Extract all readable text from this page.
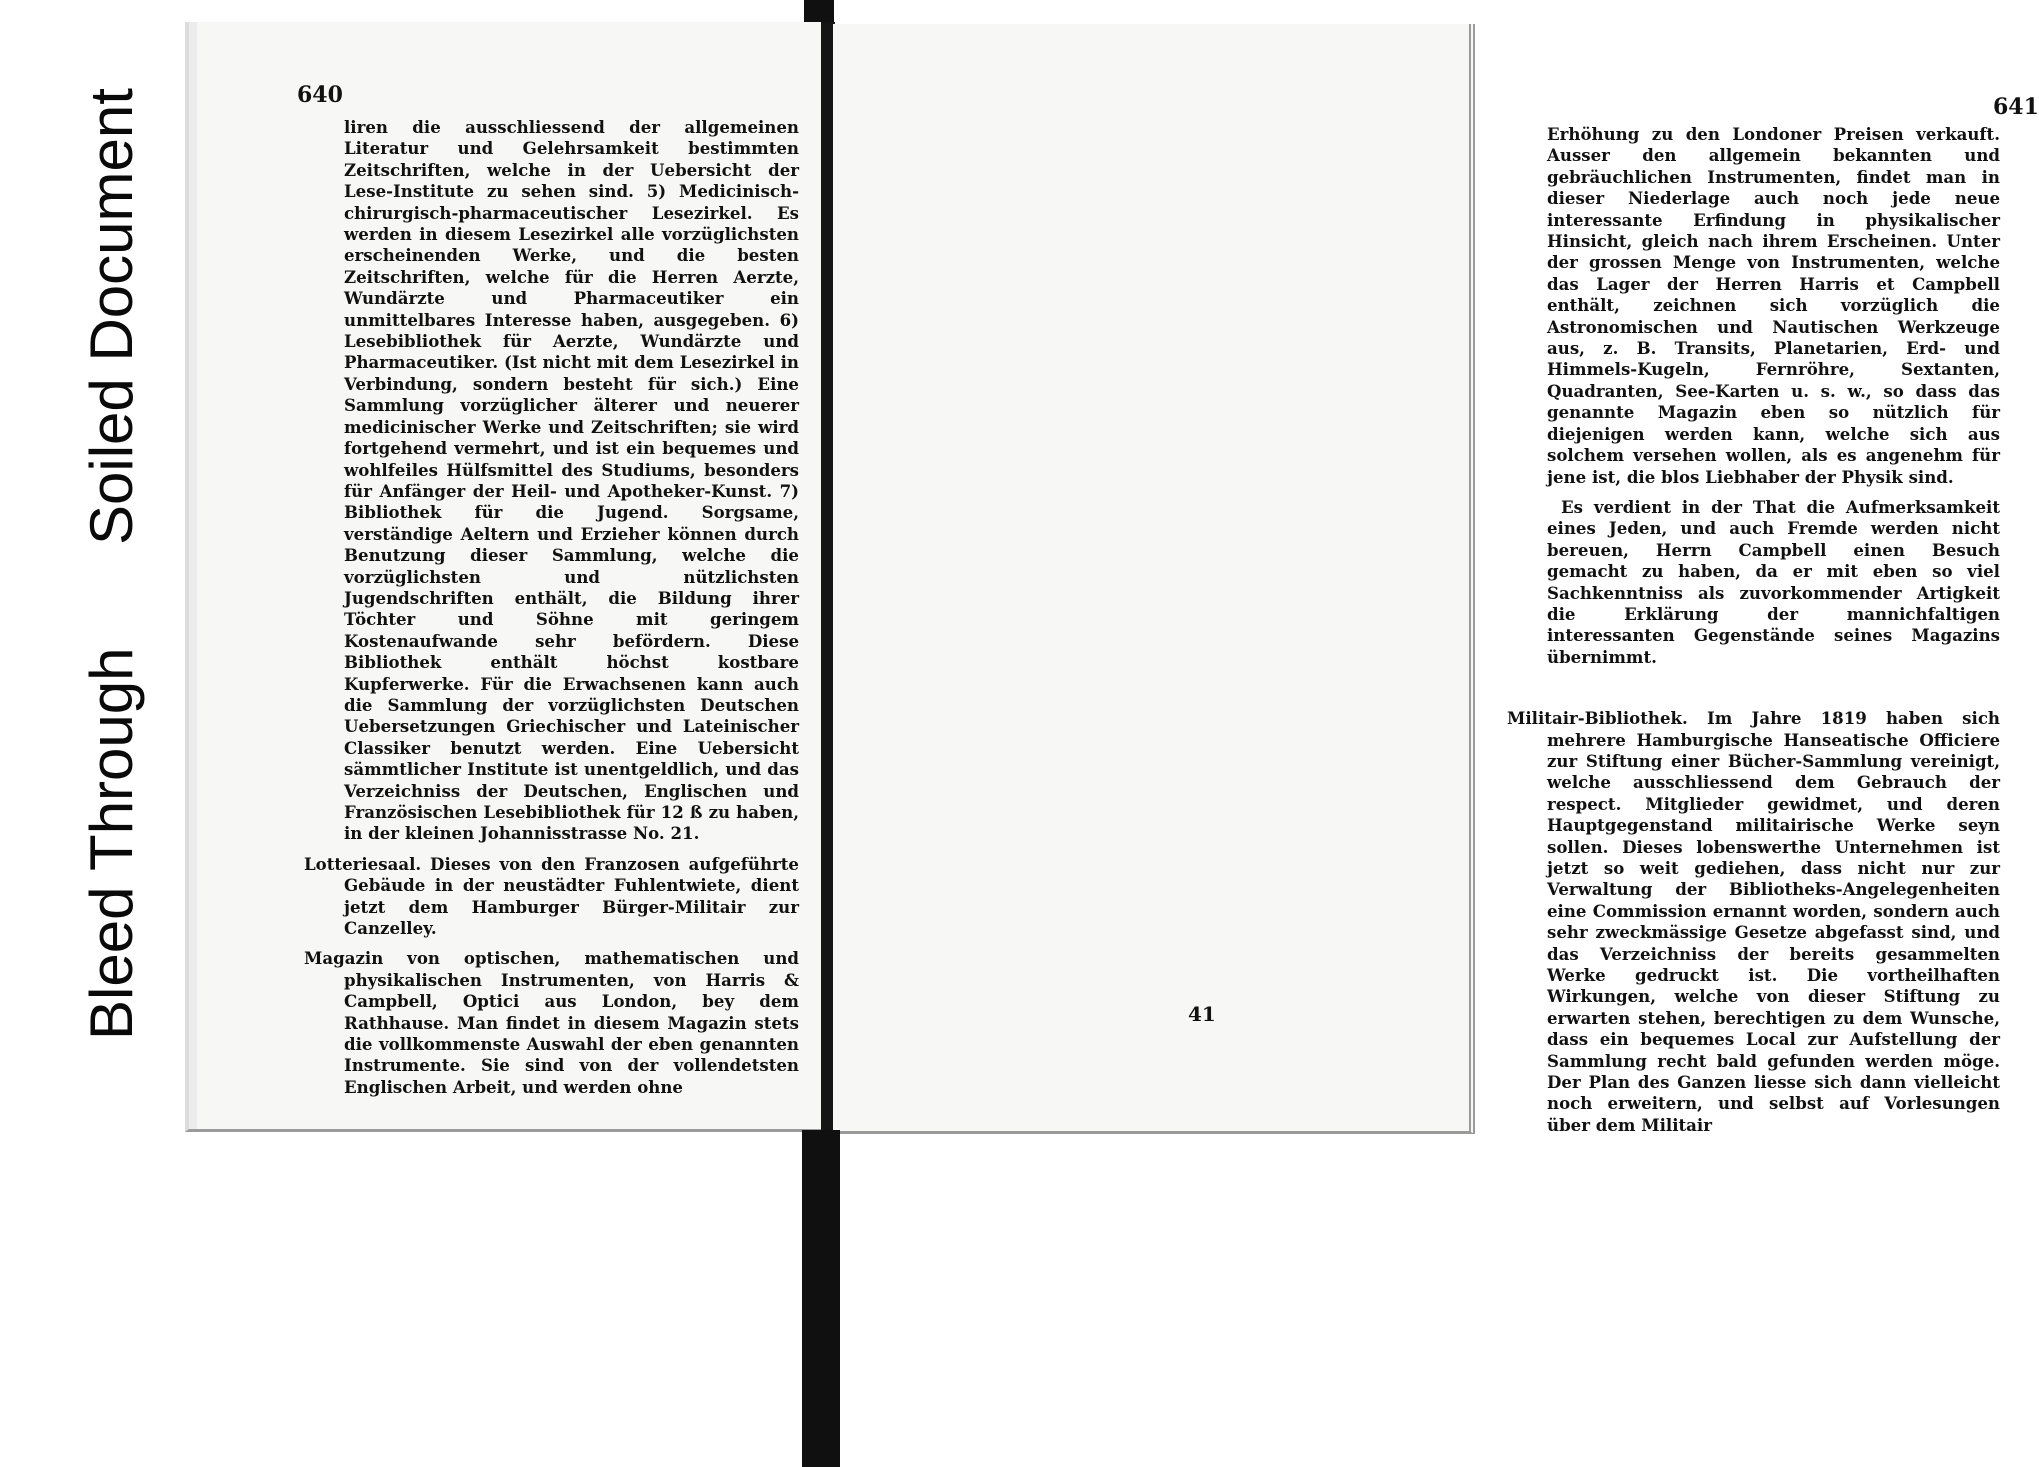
Bleed Through
Soiled Document	640

liren die ausschliessend der allgemeinen Literatur und Gelehrsamkeit bestimmten Zeitschriften, welche in der Uebersicht der Lese-Institute zu sehen sind. 5) Medicinisch-chirurgisch-pharmaceutischer Lesezirkel. Es werden in diesem Lesezirkel alle vorzüglichsten erscheinenden Werke, und die besten Zeitschriften, welche für die Herren Aerzte, Wundärzte und Pharmaceutiker ein unmittelbares Interesse haben, ausgegeben. 6) Lesebibliothek für Aerzte, Wundärzte und Pharmaceutiker. (Ist nicht mit dem Lesezirkel in Verbindung, sondern besteht für sich.) Eine Sammlung vorzüglicher älterer und neuerer medicinischer Werke und Zeitschriften; sie wird fortgehend vermehrt, und ist ein bequemes und wohlfeiles Hülfsmittel des Studiums, besonders für Anfänger der Heil- und Apotheker-Kunst. 7) Bibliothek für die Jugend. Sorgsame, verständige Aeltern und Erzieher können durch Benutzung dieser Sammlung, welche die vorzüglichsten und nützlichsten Jugendschriften enthält, die Bildung ihrer Töchter und Söhne mit geringem Kostenaufwande sehr befördern. Diese Bibliothek enthält höchst kostbare Kupferwerke. Für die Erwachsenen kann auch die Sammlung der vorzüglichsten Deutschen Uebersetzungen Griechischer und Lateinischer Classiker benutzt werden. Eine Uebersicht sämmtlicher Institute ist unentgeldlich, und das Verzeichniss der Deutschen, Englischen und Französischen Lesebibliothek für 12 ß zu haben, in der kleinen Johannisstrasse No. 21.

Lotteriesaal. Dieses von den Franzosen aufgeführte Gebäude in der neustädter Fuhlentwiete, dient jetzt dem Hamburger Bürger-Militair zur Canzelley.

Magazin von optischen, mathematischen und physikalischen Instrumenten, von Harris & Campbell, Optici aus London, bey dem Rathhause. Man findet in diesem Magazin stets die vollkommenste Auswahl der eben genannten Instrumente. Sie sind von der vollendetsten Englischen Arbeit, und werden ohne

641

Erhöhung zu den Londoner Preisen verkauft. Ausser den allgemein bekannten und gebräuchlichen Instrumenten, findet man in dieser Niederlage auch noch jede neue interessante Erfindung in physikalischer Hinsicht, gleich nach ihrem Erscheinen. Unter der grossen Menge von Instrumenten, welche das Lager der Herren Harris et Campbell enthält, zeichnen sich vorzüglich die Astronomischen und Nautischen Werkzeuge aus, z. B. Transits, Planetarien, Erd- und Himmels-Kugeln, Fernröhre, Sextanten, Quadranten, See-Karten u. s. w., so dass das genannte Magazin eben so nützlich für diejenigen werden kann, welche sich aus solchem versehen wollen, als es angenehm für jene ist, die blos Liebhaber der Physik sind.

Es verdient in der That die Aufmerksamkeit eines Jeden, und auch Fremde werden nicht bereuen, Herrn Campbell einen Besuch gemacht zu haben, da er mit eben so viel Sachkenntniss als zuvorkommender Artigkeit die Erklärung der mannichfaltigen interessanten Gegenstände seines Magazins übernimmt.

Militair-Bibliothek. Im Jahre 1819 haben sich mehrere Hamburgische Hanseatische Officiere zur Stiftung einer Bücher-Sammlung vereinigt, welche ausschliessend dem Gebrauch der respect. Mitglieder gewidmet, und deren Hauptgegenstand militairische Werke seyn sollen. Dieses lobenswerthe Unternehmen ist jetzt so weit gediehen, dass nicht nur zur Verwaltung der Bibliotheks-Angelegenheiten eine Commission ernannt worden, sondern auch sehr zweckmässige Gesetze abgefasst sind, und das Verzeichniss der bereits gesammelten Werke gedruckt ist. Die vortheilhaften Wirkungen, welche von dieser Stiftung zu erwarten stehen, berechtigen zu dem Wunsche, dass ein bequemes Local zur Aufstellung der Sammlung recht bald gefunden werden möge. Der Plan des Ganzen liesse sich dann vielleicht noch erweitern, und selbst auf Vorlesungen über dem Militair

41
